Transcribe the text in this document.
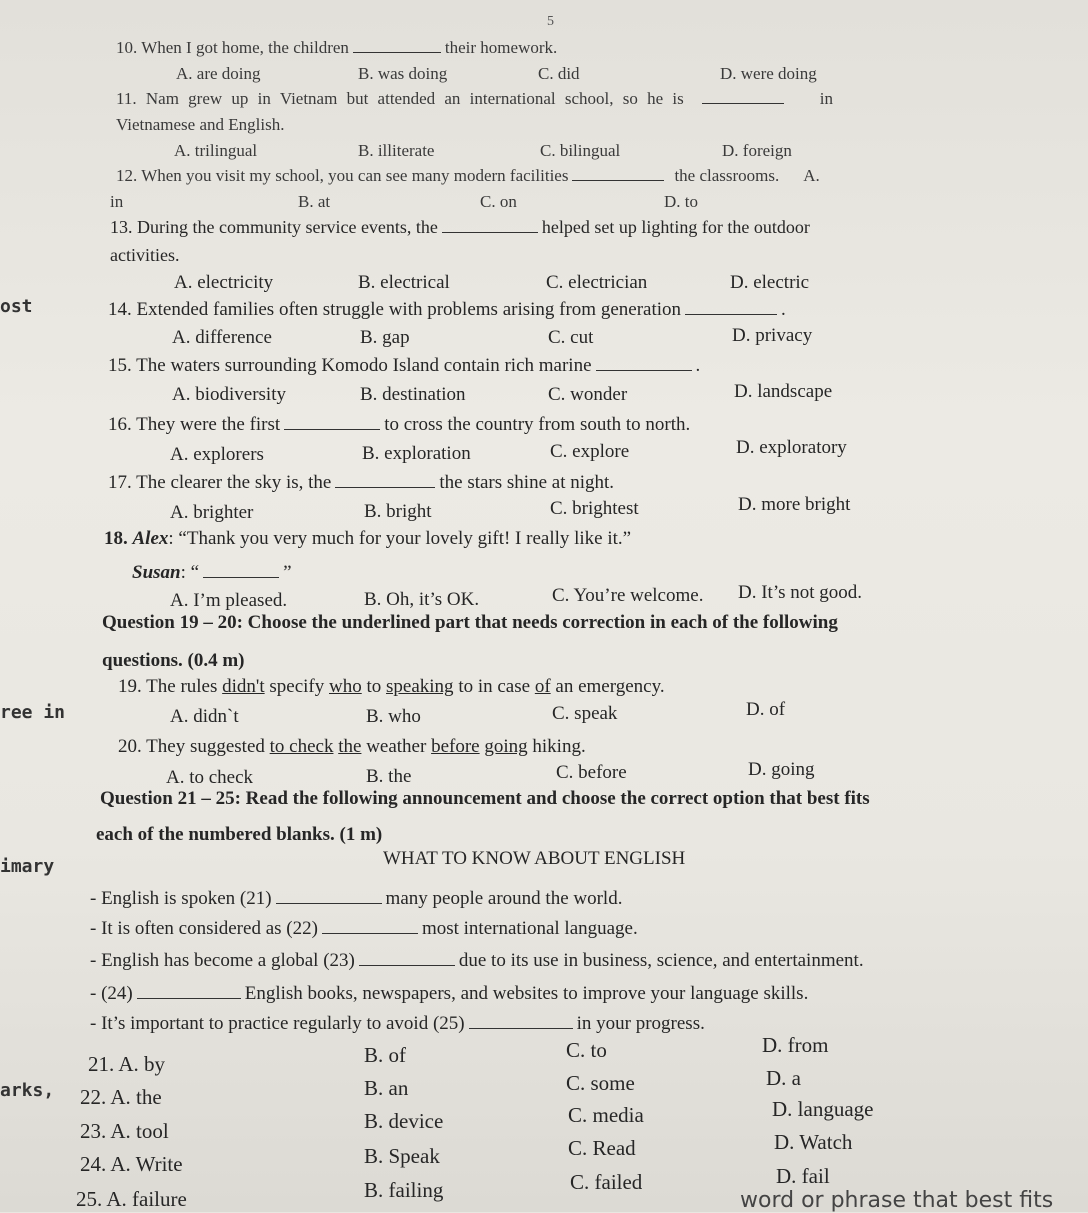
5
ost
ree in
imary
arks,
10. When I got home, the children	their homework.
A. are doing	B. was doing	C. did	D. were doing
11. Nam grew up in Vietnam but attended an international school, so he is	in
Vietnamese and English.
A. trilingual	B. illiterate	C. bilingual	D. foreign
12. When you visit my school, you can see many modern facilities	the classrooms. A.
in	B. at	C. on	D. to
13. During the community service events, the	helped set up lighting for the outdoor
activities.
A. electricity	B. electrical	C. electrician	D. electric
14. Extended families often struggle with problems arising from generation	.
A. difference	B. gap	C. cut	D. privacy
15. The waters surrounding Komodo Island contain rich marine	.
A. biodiversity	B. destination	C. wonder	D. landscape
16. They were the first	to cross the country from south to north.
A. explorers	B. exploration	C. explore	D. exploratory
17. The clearer the sky is, the	the stars shine at night.
A. brighter	B. bright	C. brightest	D. more bright
18. Alex: “Thank you very much for your lovely gift! I really like it.”
Susan: “	”
A. I’m pleased.	B. Oh, it’s OK.	C. You’re welcome. D. It’s not good.
Question 19 – 20: Choose the underlined part that needs correction in each of the following
questions. (0.4 m)
19. The rules didn't specify who to speaking to in case of an emergency.
A. didn`t	B. who	C. speak	D. of
20. They suggested to check the weather before going hiking.
A. to check	B. the	C. before	D. going
Question 21 – 25: Read the following announcement and choose the correct option that best fits
each of the numbered blanks. (1 m)
WHAT TO KNOW ABOUT ENGLISH
- English is spoken (21)	many people around the world.
- It is often considered as (22)	most international language.
- English has become a global (23)	due to its use in business, science, and entertainment.
- (24)	English books, newspapers, and websites to improve your language skills.
- It’s important to practice regularly to avoid (25)	in your progress.
21. A. by	B. of	C. to	D. from
22. A. the	B. an	C. some	D. a
23. A. tool	B. device	C. media	D. language
24. A. Write	B. Speak	C. Read	D. Watch
25. A. failure	B. failing	C. failed	D. fail
word or phrase that best fits
